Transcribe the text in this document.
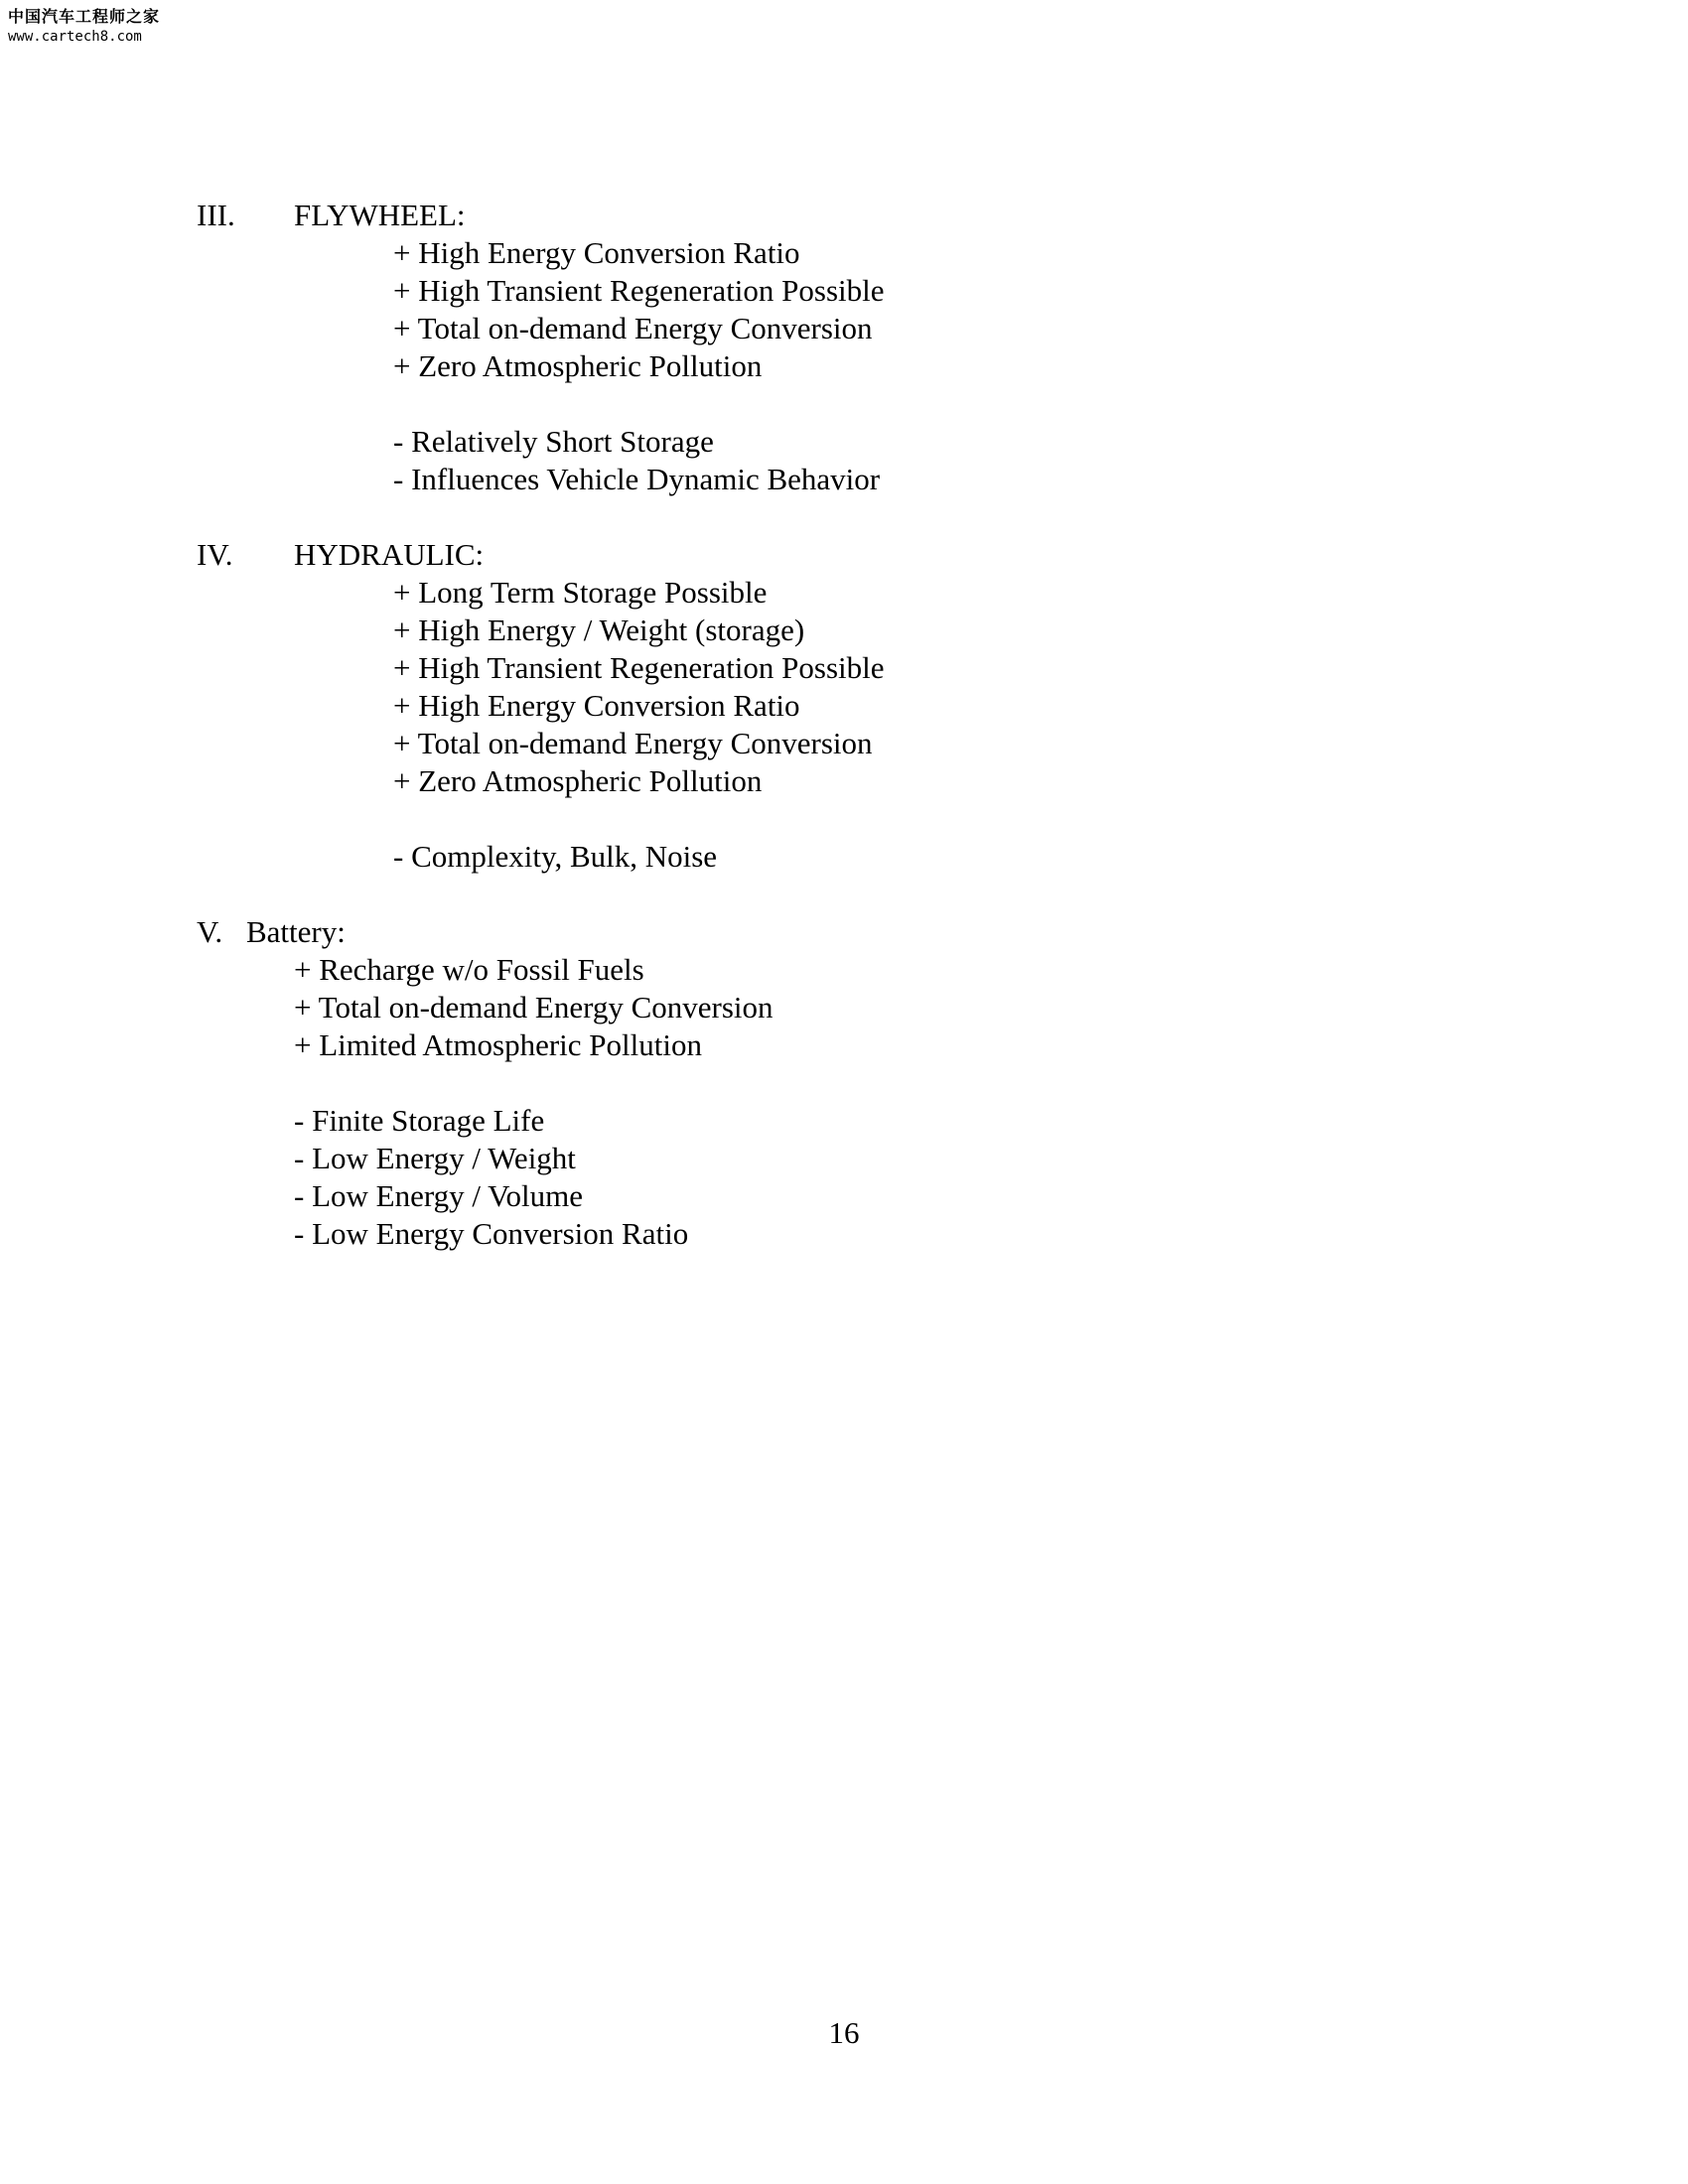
中国汽车工程师之家
www.cartech8.com
III. FLYWHEEL:
+ High Energy Conversion Ratio
+ High Transient Regeneration Possible
+ Total on-demand Energy Conversion
+ Zero Atmospheric Pollution
- Relatively Short Storage
- Influences Vehicle Dynamic Behavior
IV. HYDRAULIC:
+ Long Term Storage Possible
+ High Energy / Weight (storage)
+ High Transient Regeneration Possible
+ High Energy Conversion Ratio
+ Total on-demand Energy Conversion
+ Zero Atmospheric Pollution
- Complexity, Bulk, Noise
V. Battery:
+ Recharge w/o Fossil Fuels
+ Total on-demand Energy Conversion
+ Limited Atmospheric Pollution
- Finite Storage Life
- Low Energy / Weight
- Low Energy / Volume
- Low Energy Conversion Ratio
16
